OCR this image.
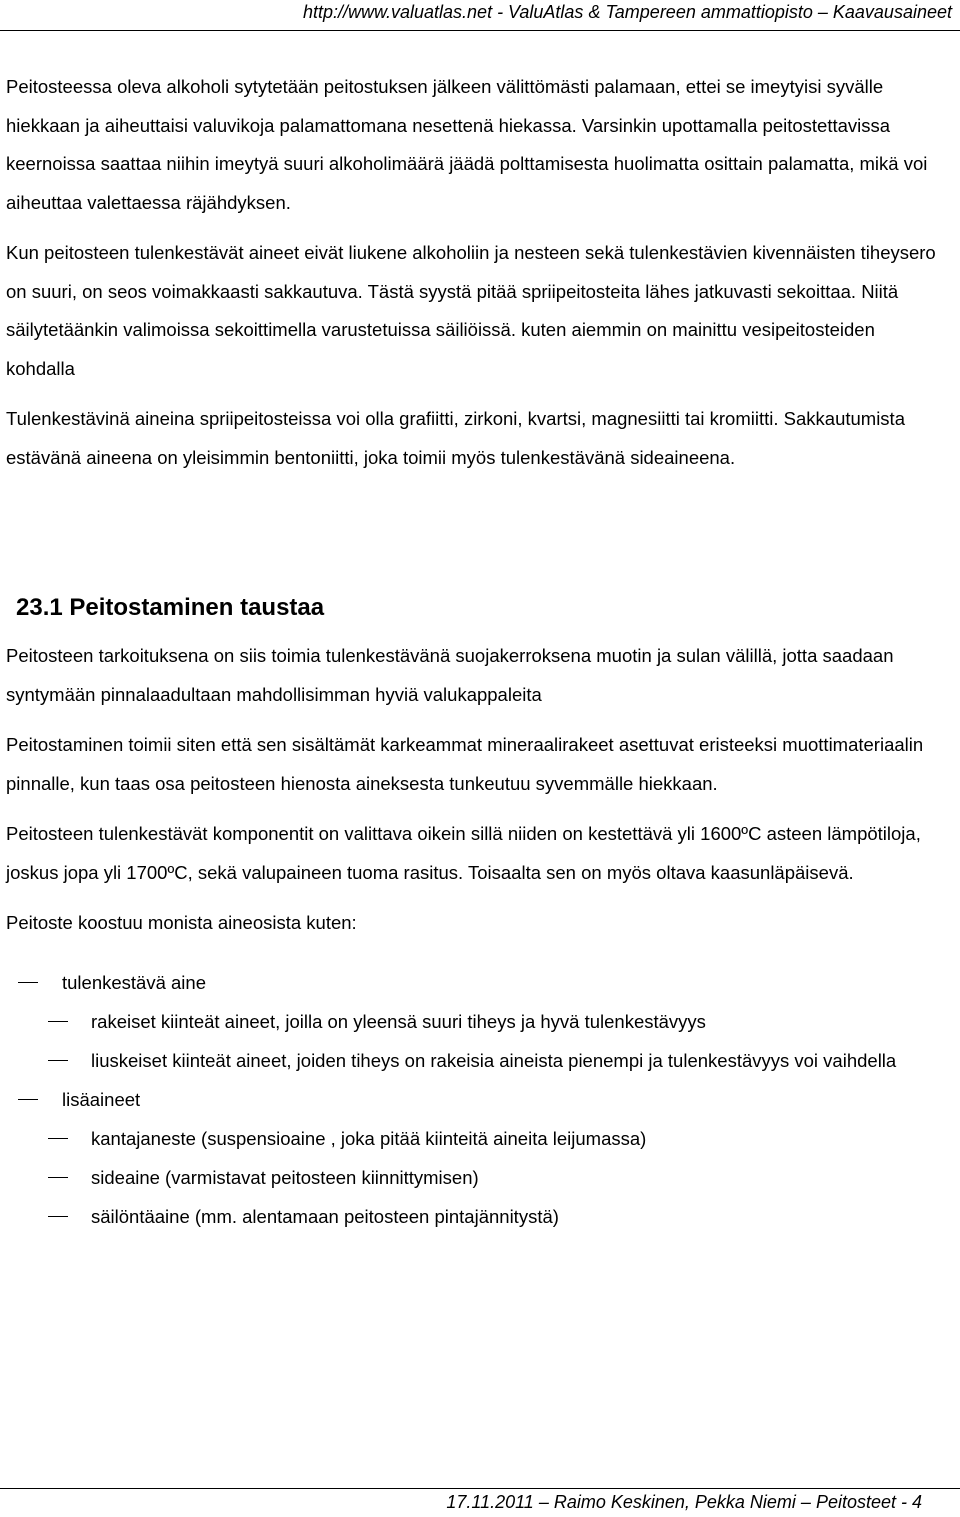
http://www.valuatlas.net - ValuAtlas & Tampereen ammattiopisto – Kaavausaineet

Peitosteessa oleva alkoholi sytytetään peitostuksen jälkeen välittömästi palamaan, ettei se imeytyisi syvälle hiekkaan ja aiheuttaisi valuvikoja palamattomana nesettenä hiekassa. Varsinkin upottamalla peitostettavissa keernoissa saattaa niihin imeytyä suuri alkoholimäärä jäädä polttamisesta huolimatta osittain palamatta, mikä voi aiheuttaa valettaessa räjähdyksen.

Kun peitosteen tulenkestävät aineet eivät liukene alkoholiin ja nesteen sekä tulenkestävien kivennäisten tiheysero on suuri, on seos voimakkaasti sakkautuva. Tästä syystä pitää spriipeitosteita lähes jatkuvasti sekoittaa. Niitä säilytetäänkin valimoissa sekoittimella varustetuissa säiliöissä. kuten aiemmin on mainittu vesipeitosteiden kohdalla

Tulenkestävinä aineina spriipeitosteissa voi olla grafiitti, zirkoni, kvartsi, magnesiitti tai kromiitti. Sakkautumista estävänä aineena on yleisimmin bentoniitti, joka toimii myös tulenkestävänä sideaineena.

23.1 Peitostaminen taustaa

Peitosteen tarkoituksena on siis toimia tulenkestävänä suojakerroksena muotin ja sulan välillä, jotta saadaan syntymään pinnalaadultaan mahdollisimman hyviä valukappaleita

Peitostaminen toimii siten että sen sisältämät karkeammat mineraalirakeet asettuvat eristeeksi muottimateriaalin pinnalle, kun taas osa peitosteen hienosta aineksesta tunkeutuu syvemmälle hiekkaan.

Peitosteen tulenkestävät komponentit on valittava oikein sillä niiden on kestettävä yli 1600ºC asteen lämpötiloja, joskus jopa yli 1700ºC, sekä valupaineen tuoma rasitus. Toisaalta sen on myös oltava kaasunläpäisevä.

Peitoste koostuu monista aineosista kuten:

tulenkestävä aine
rakeiset kiinteät aineet, joilla on yleensä suuri tiheys ja hyvä tulenkestävyys
liuskeiset kiinteät aineet, joiden tiheys on rakeisia aineista pienempi ja tulenkestävyys voi vaihdella
lisäaineet
kantajaneste (suspensioaine , joka pitää kiinteitä aineita leijumassa)
sideaine (varmistavat peitosteen kiinnittymisen)
säilöntäaine (mm. alentamaan peitosteen pintajännitystä)
17.11.2011 – Raimo Keskinen, Pekka Niemi – Peitosteet - 4
